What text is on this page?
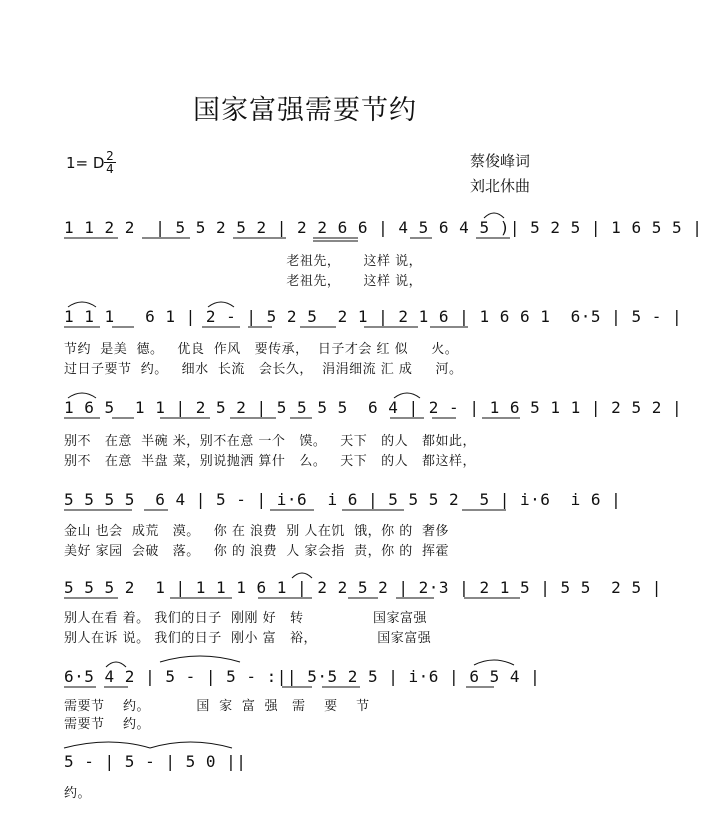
国家富强需要节约
1= D 2
4	蔡俊峰词
刘北休曲
1 1 2 2  | 5 5 2 5 2 | 2 2 6 6 | 4 5 6 4 5 )| 5 2 5 | 1 6 5 5 |
老祖先，     这样 说，
老祖先，     这样 说，
1 1 1   6 1 | 2 - | 5 2 5  2 1 | 2 1 6 | 1 6 6 1  6·5 | 5 - |
节约  是美  德。   优良  作风   要传承，  日子才会 红 似     火。
过日子要节  约。   细水  长流   会长久，  涓涓细流 汇 成     河。
1 6 5  1 1 | 2 5 2 | 5 5 5 5  6 4 | 2 - | 1 6 5 1 1 | 2 5 2 |
别不   在意  半碗 米，别不在意 一个   馍。   天下   的人   都如此，
别不   在意  半盘 菜，别说抛洒 算什   么。   天下   的人   都这样，
5 5 5 5  6 4 | 5 - | i·6  i 6 | 5 5 5 2  5 | i·6  i 6 |
金山 也会  成荒   漠。   你 在 浪费  别 人在饥  饿，你 的  奢侈
美好 家园  会破   落。   你 的 浪费  人 家会指  责，你 的  挥霍
5 5 5 2  1 | 1 1 1 6 1 | 2 2 5 2 | 2·3 | 2 1 5 | 5 5  2 5 |
别人在看 着。 我们的日子  刚刚 好   转               国家富强
别人在诉 说。 我们的日子  刚小 富   裕，             国家富强
6·5 4 2 | 5 - | 5 - :|| 5·5 2 5 | i·6 | 6 5 4 |
需要节    约。          国  家  富  强   需    要    节
需要节    约。
5 - | 5 - | 5 0 ||
约。
